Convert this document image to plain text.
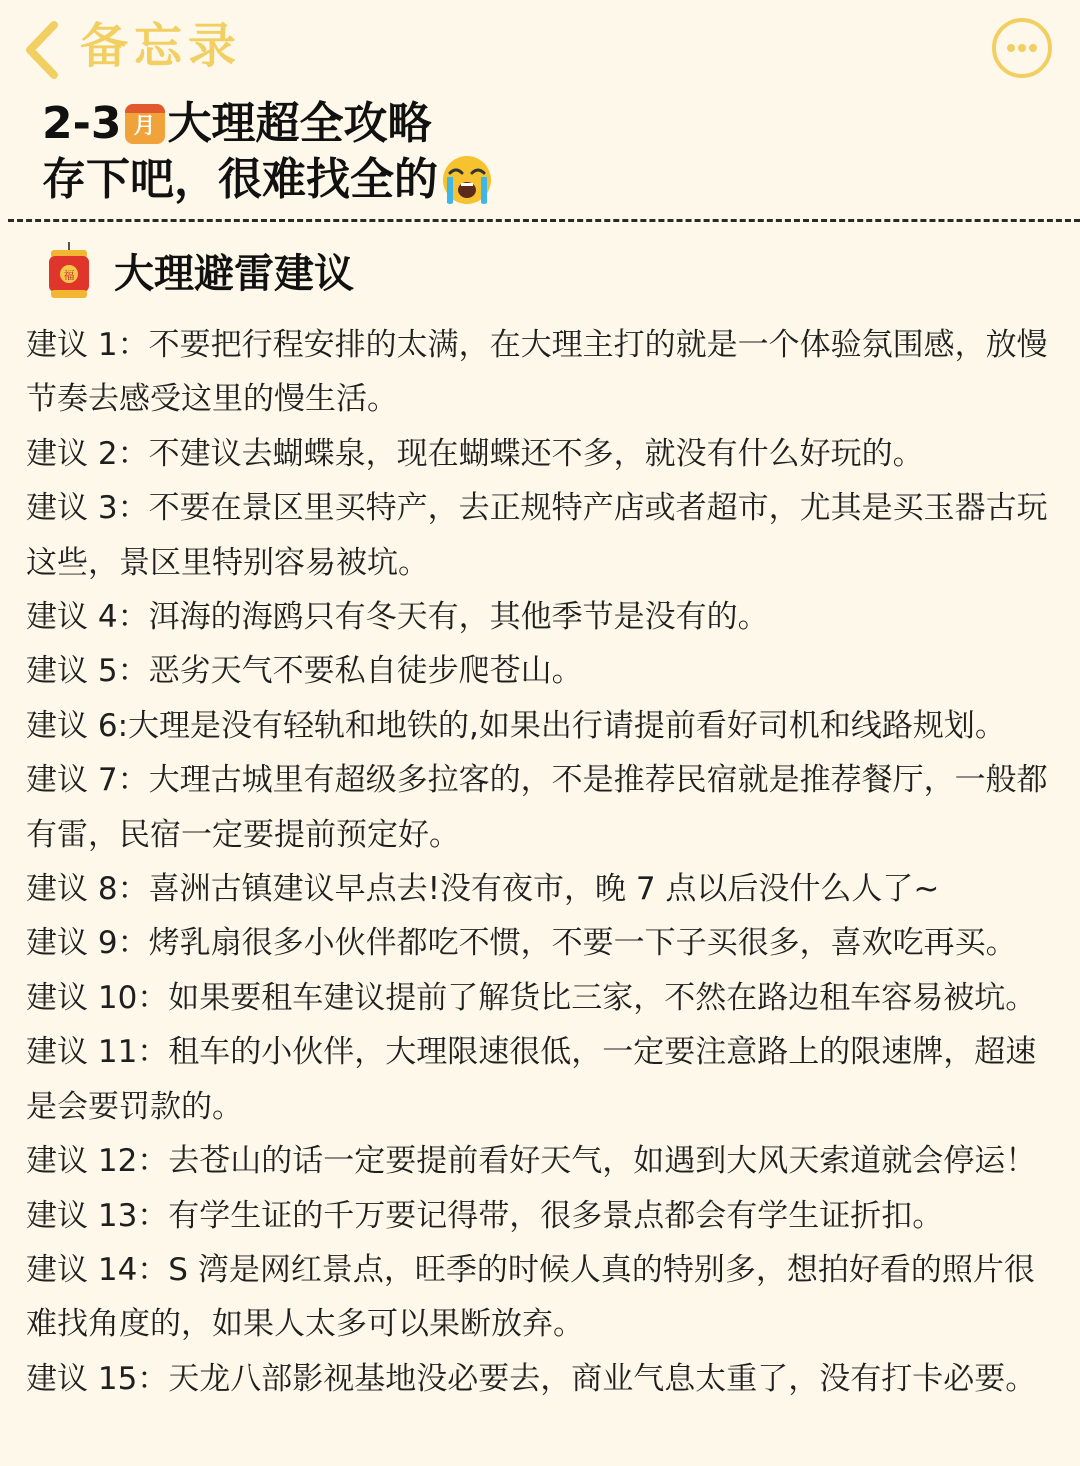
备忘录
2-3 月 大理超全攻略
存下吧，很难找全的
福 大理避雷建议

建议 1：不要把行程安排的太满，在大理主打的就是一个体验氛围感，放慢节奏去感受这里的慢生活。

建议 2：不建议去蝴蝶泉，现在蝴蝶还不多，就没有什么好玩的。

建议 3：不要在景区里买特产，去正规特产店或者超市，尤其是买玉器古玩这些，景区里特别容易被坑。

建议 4：洱海的海鸥只有冬天有，其他季节是没有的。

建议 5：恶劣天气不要私自徒步爬苍山。

建议 6:大理是没有轻轨和地铁的,如果出行请提前看好司机和线路规划。

建议 7：大理古城里有超级多拉客的，不是推荐民宿就是推荐餐厅，一般都有雷，民宿一定要提前预定好。

建议 8：喜洲古镇建议早点去!没有夜市，晚 7 点以后没什么人了~

建议 9：烤乳扇很多小伙伴都吃不惯，不要一下子买很多，喜欢吃再买。

建议 10：如果要租车建议提前了解货比三家，不然在路边租车容易被坑。

建议 11：租车的小伙伴，大理限速很低，一定要注意路上的限速牌，超速是会要罚款的。

建议 12：去苍山的话一定要提前看好天气，如遇到大风天索道就会停运！

建议 13：有学生证的千万要记得带，很多景点都会有学生证折扣。

建议 14：S 湾是网红景点，旺季的时候人真的特别多，想拍好看的照片很难找角度的，如果人太多可以果断放弃。

建议 15：天龙八部影视基地没必要去，商业气息太重了，没有打卡必要。
